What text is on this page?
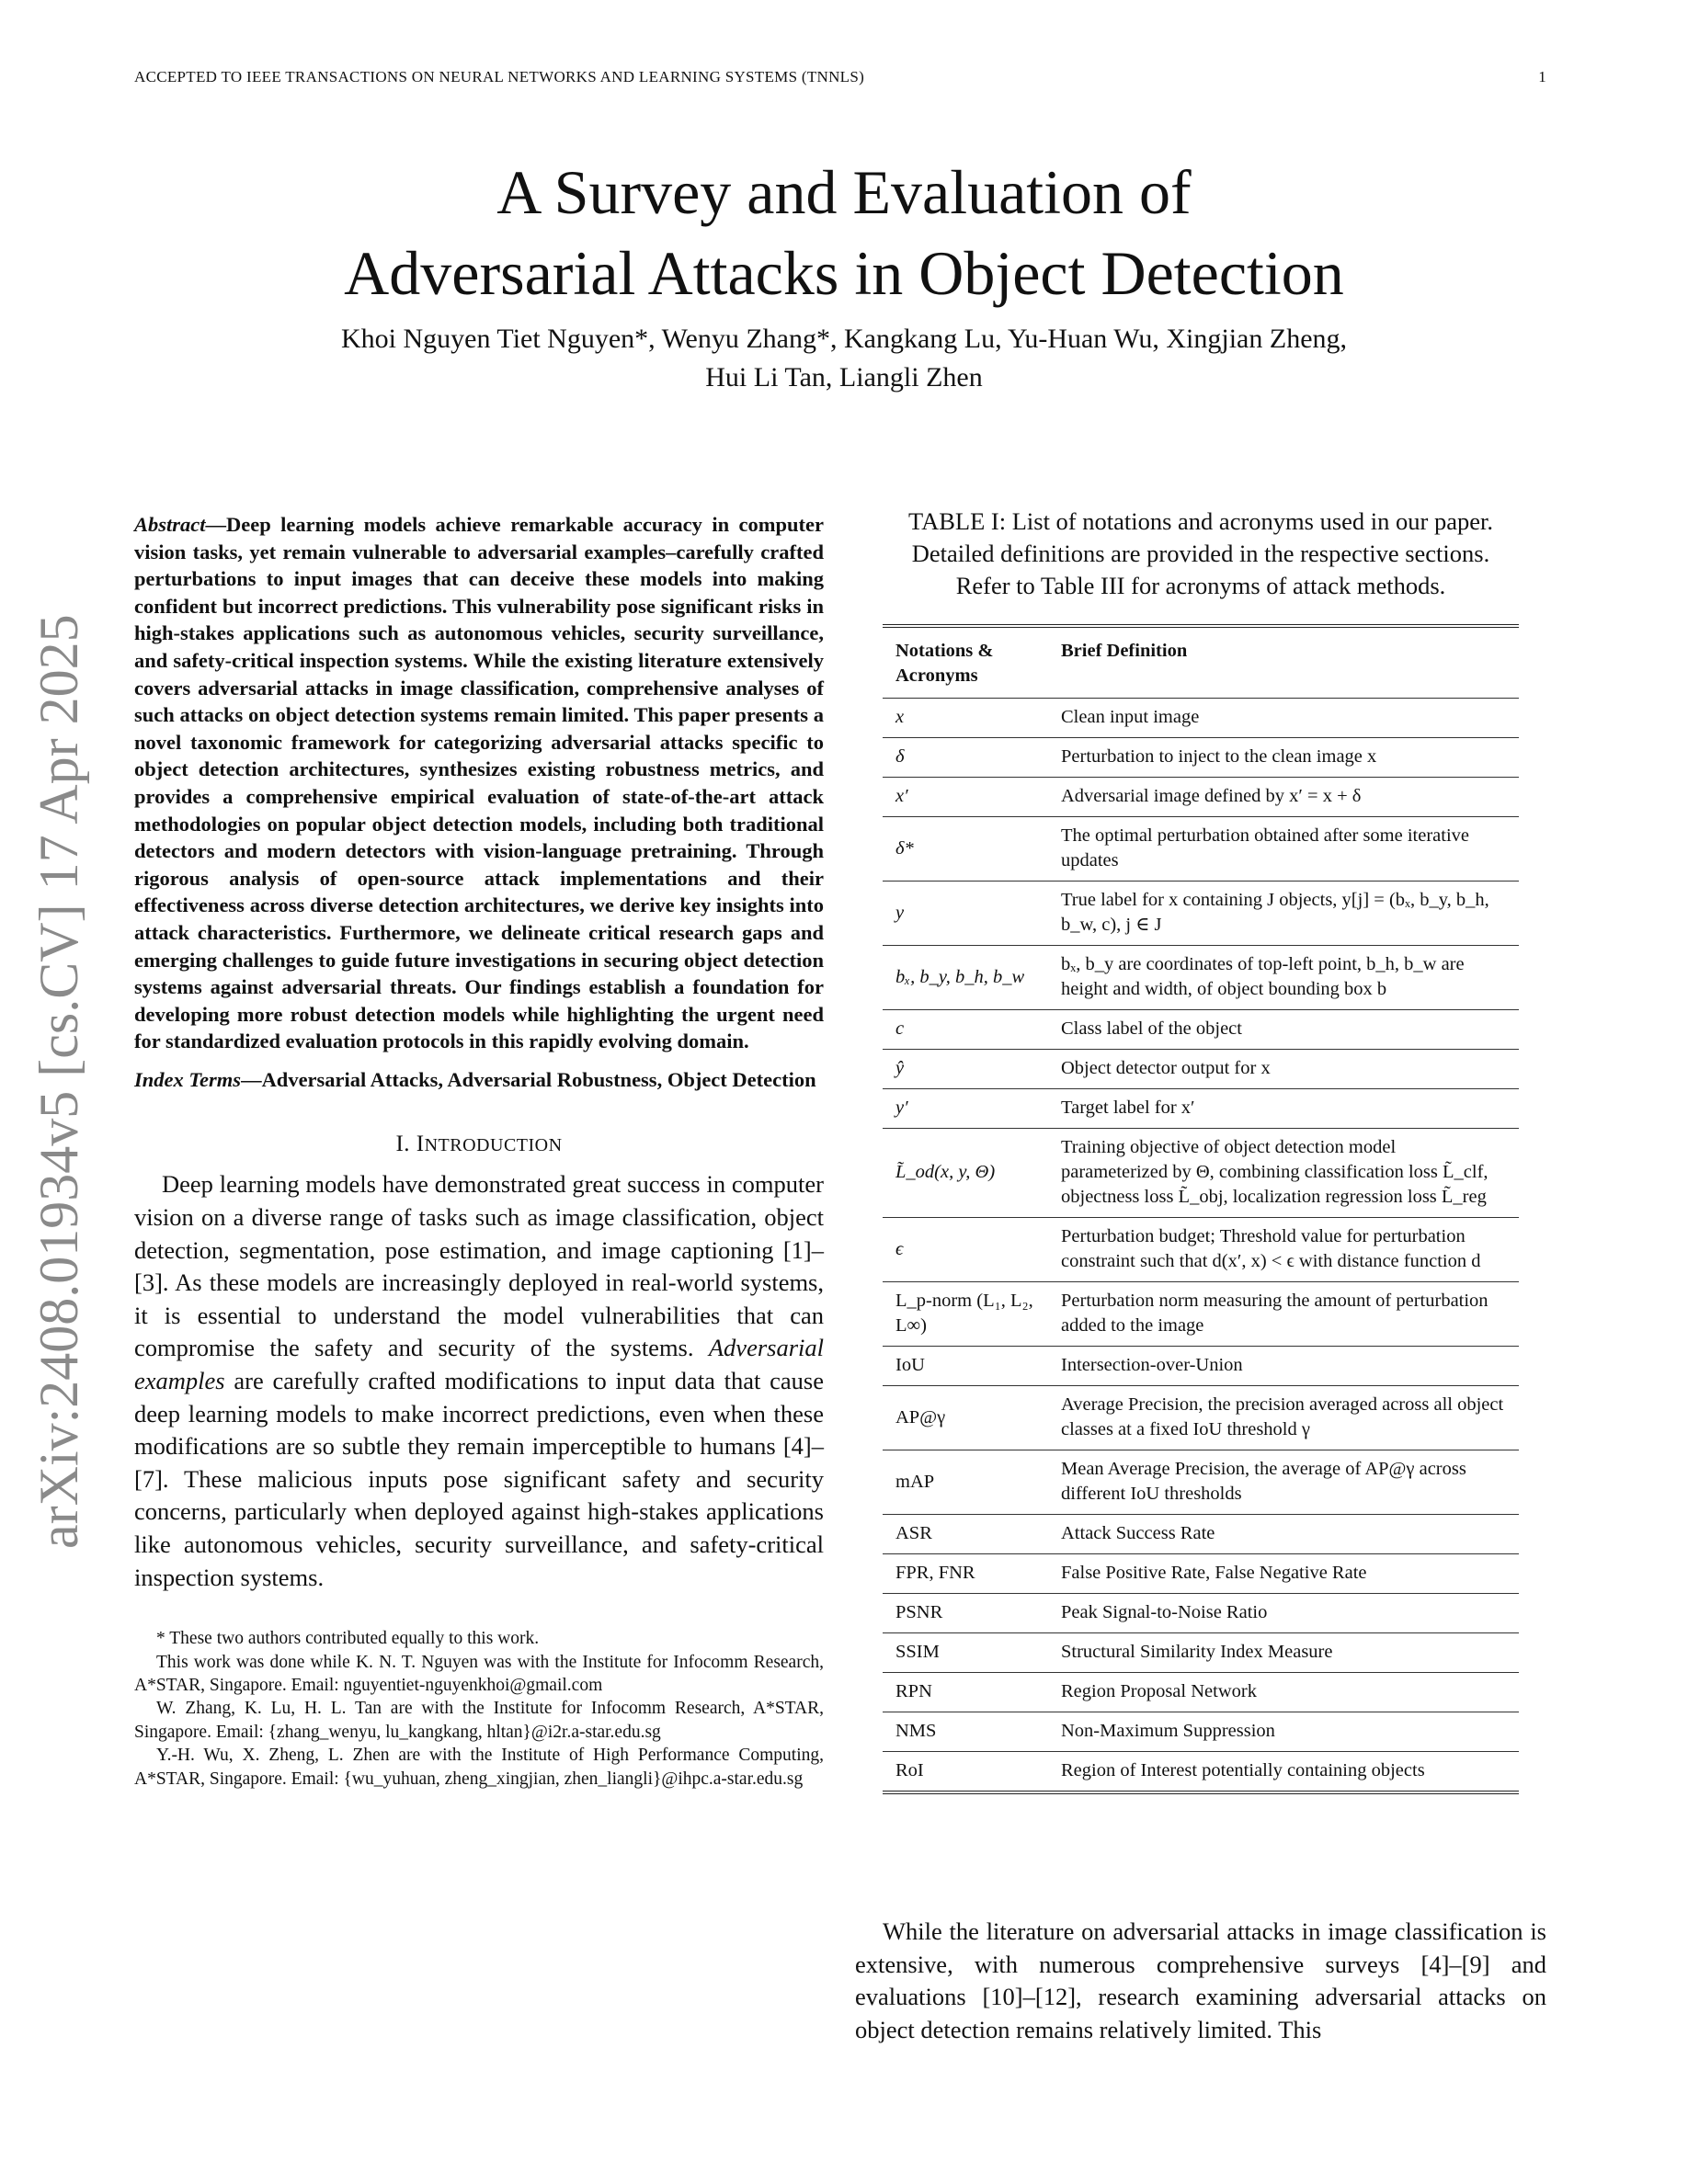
ACCEPTED TO IEEE TRANSACTIONS ON NEURAL NETWORKS AND LEARNING SYSTEMS (TNNLS)	1

A Survey and Evaluation of

Adversarial Attacks in Object Detection

Khoi Nguyen Tiet Nguyen*, Wenyu Zhang*, Kangkang Lu, Yu-Huan Wu, Xingjian Zheng,
Hui Li Tan, Liangli Zhen
arXiv:2408.01934v5 [cs.CV] 17 Apr 2025

Abstract—Deep learning models achieve remarkable accuracy in computer vision tasks, yet remain vulnerable to adversarial examples–carefully crafted perturbations to input images that can deceive these models into making confident but incorrect predictions. This vulnerability pose significant risks in high-stakes applications such as autonomous vehicles, security surveillance, and safety-critical inspection systems. While the existing literature extensively covers adversarial attacks in image classification, comprehensive analyses of such attacks on object detection systems remain limited. This paper presents a novel taxonomic framework for categorizing adversarial attacks specific to object detection architectures, synthesizes existing robustness metrics, and provides a comprehensive empirical evaluation of state-of-the-art attack methodologies on popular object detection models, including both traditional detectors and modern detectors with vision-language pretraining. Through rigorous analysis of open-source attack implementations and their effectiveness across diverse detection architectures, we derive key insights into attack characteristics. Furthermore, we delineate critical research gaps and emerging challenges to guide future investigations in securing object detection systems against adversarial threats. Our findings establish a foundation for developing more robust detection models while highlighting the urgent need for standardized evaluation protocols in this rapidly evolving domain.

Index Terms—Adversarial Attacks, Adversarial Robustness, Object Detection

I. INTRODUCTION

Deep learning models have demonstrated great success in computer vision on a diverse range of tasks such as image classification, object detection, segmentation, pose estimation, and image captioning [1]–[3]. As these models are increasingly deployed in real-world systems, it is essential to understand the model vulnerabilities that can compromise the safety and security of the systems. Adversarial examples are carefully crafted modifications to input data that cause deep learning models to make incorrect predictions, even when these modifications are so subtle they remain imperceptible to humans [4]–[7]. These malicious inputs pose significant safety and security concerns, particularly when deployed against high-stakes applications like autonomous vehicles, security surveillance, and safety-critical inspection systems.

* These two authors contributed equally to this work.

This work was done while K. N. T. Nguyen was with the Institute for Infocomm Research, A*STAR, Singapore. Email: nguyentiet-nguyenkhoi@gmail.com

W. Zhang, K. Lu, H. L. Tan are with the Institute for Infocomm Research, A*STAR, Singapore. Email: {zhang_wenyu, lu_kangkang, hltan}@i2r.a-star.edu.sg

Y.-H. Wu, X. Zheng, L. Zhen are with the Institute of High Performance Computing, A*STAR, Singapore. Email: {wu_yuhuan, zheng_xingjian, zhen_liangli}@ihpc.a-star.edu.sg

TABLE I: List of notations and acronyms used in our paper.
Detailed definitions are provided in the respective sections.
Refer to Table III for acronyms of attack methods.

Notations & Acronyms	Brief Definition
x	Clean input image
δ	Perturbation to inject to the clean image x
x′	Adversarial image defined by x′ = x + δ
δ*	The optimal perturbation obtained after some iterative updates
y	True label for x containing J objects, y[j] = (bₓ, b_y, b_h, b_w, c), j ∈ J
bₓ, b_y, b_h, b_w	bₓ, b_y are coordinates of top-left point, b_h, b_w are height and width, of object bounding box b
c	Class label of the object
ŷ	Object detector output for x
y′	Target label for x′
L̃_od(x, y, Θ)	Training objective of object detection model parameterized by Θ, combining classification loss L̃_clf, objectness loss L̃_obj, localization regression loss L̃_reg
ϵ	Perturbation budget; Threshold value for perturbation constraint such that d(x′, x) < ϵ with distance function d
L_p-norm (L₁, L₂, L∞)	Perturbation norm measuring the amount of perturbation added to the image
IoU	Intersection-over-Union
AP@γ	Average Precision, the precision averaged across all object classes at a fixed IoU threshold γ
mAP	Mean Average Precision, the average of AP@γ across different IoU thresholds
ASR	Attack Success Rate
FPR, FNR	False Positive Rate, False Negative Rate
PSNR	Peak Signal-to-Noise Ratio
SSIM	Structural Similarity Index Measure
RPN	Region Proposal Network
NMS	Non-Maximum Suppression
RoI	Region of Interest potentially containing objects

While the literature on adversarial attacks in image classification is extensive, with numerous comprehensive surveys [4]–[9] and evaluations [10]–[12], research examining adversarial attacks on object detection remains relatively limited. This
